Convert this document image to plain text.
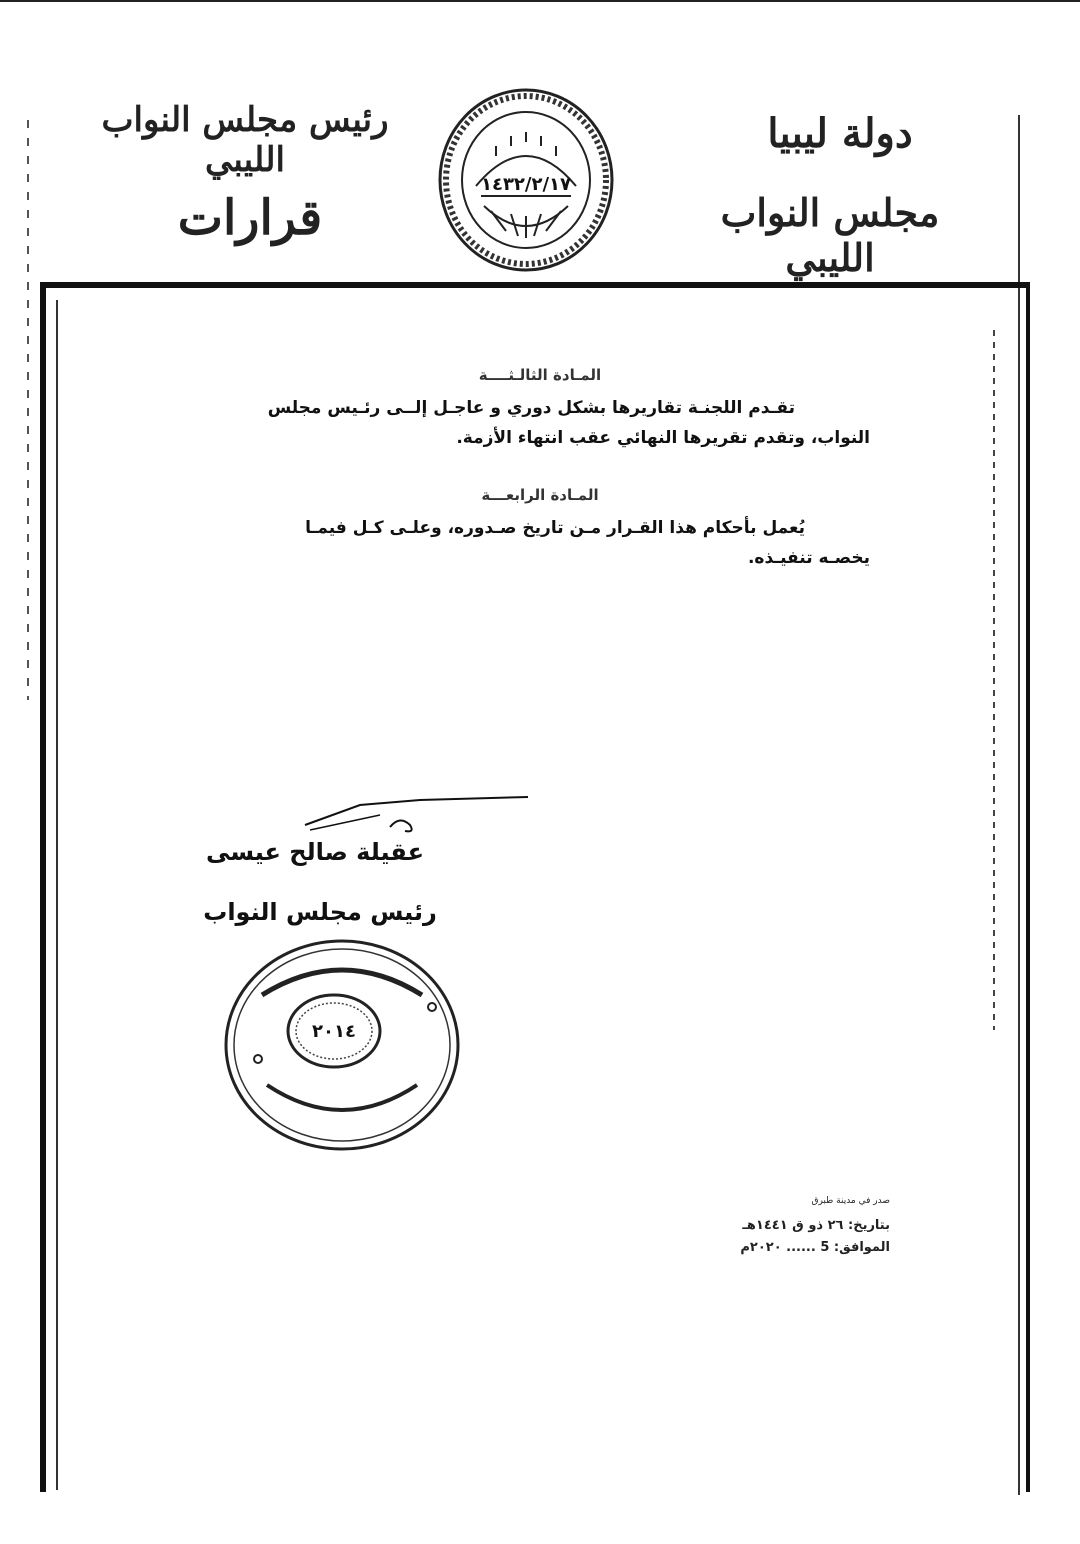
دولة ليبيا
مجلس النواب الليبي
رئيس مجلس النواب الليبي
قرارات
١٤٣٢/٢/١٧
المـادة الثالـثــــة
تقـدم اللجنـة تقاريرها بشكل دوري و عاجـل إلــى رئـيس مجلس
النواب، وتقدم تقريرها النهائي عقب انتهاء الأزمة.
المـادة الرابعـــة
يُعمل بأحكام هذا القـرار مـن تاريخ صـدوره، وعلـى كـل فيمـا
يخصـه تنفيـذه.
عقيلة صالح عيسى
رئيس مجلس النواب
٢٠١٤
صدر في مدينة طبرق
بتاريخ: ٢٦ ذو ق ١٤٤١هـ
الموافق: 5 ...... ٢٠٢٠م
